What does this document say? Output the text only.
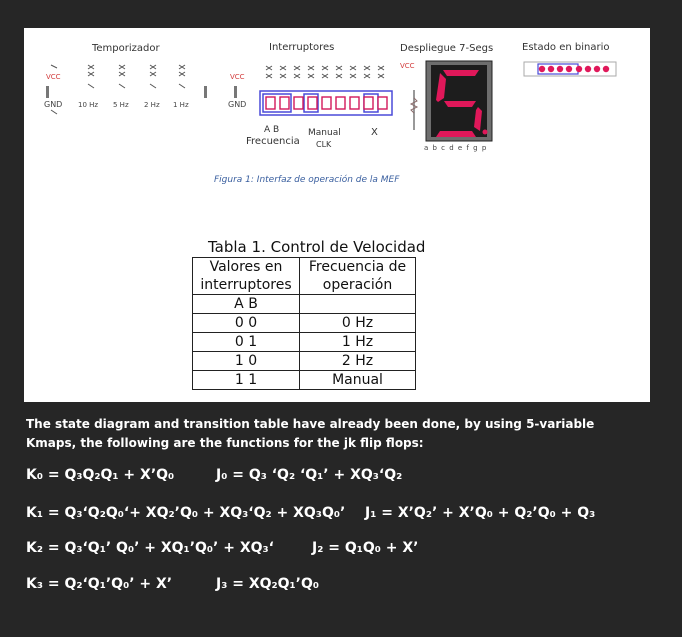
Temporizador	Interruptores	Despliegue 7-Segs	Estado en binario
VCC
GND
VCC
GND
VCC
10 Hz 5 Hz 2 Hz 1 Hz
A B
Frecuencia
Manual
CLK
X
a b c d e f g p
Figura 1: Interfaz de operación de la MEF
Tabla 1. Control de Velocidad
Valores en	Frecuencia de
interruptores	operación
A B	
0 0	0 Hz
0 1	1 Hz
1 0	2 Hz
1 1	Manual
The state diagram and transition table have already been done, by using 5-variable Kmaps, the following are the functions for the jk flip flops:
K₀ = Q₃Q₂Q₁ + X’Q₀	J₀ = Q₃ ‘Q₂ ‘Q₁’ + XQ₃‘Q₂
K₁ = Q₃‘Q₂Q₀‘+ XQ₂’Q₀ + XQ₃‘Q₂ + XQ₃Q₀’ J₁ = X’Q₂’ + X’Q₀ + Q₂’Q₀ + Q₃
K₂ = Q₃‘Q₁’ Q₀’ + XQ₁’Q₀’ + XQ₃‘	J₂ = Q₁Q₀ + X’
K₃ = Q₂‘Q₁’Q₀’ + X’	J₃ = XQ₂Q₁’Q₀
